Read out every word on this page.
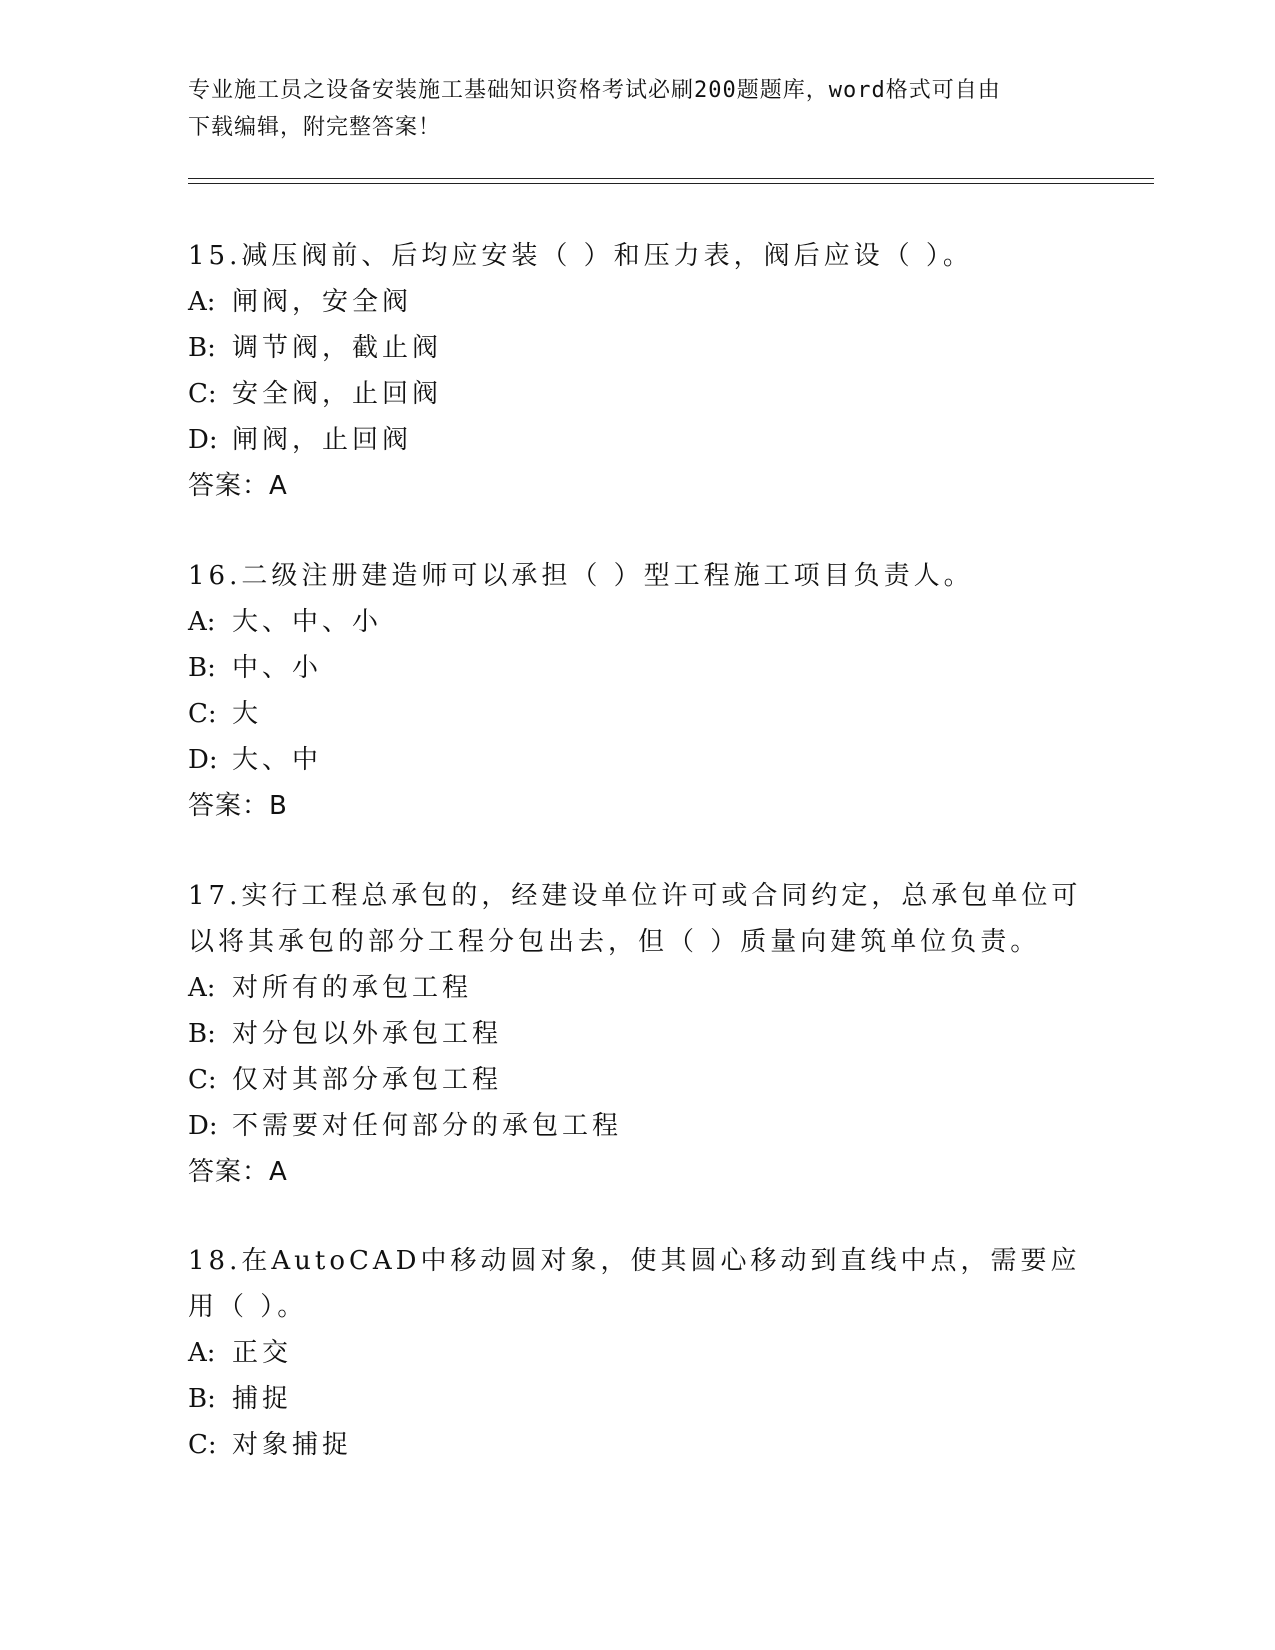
专业施工员之设备安装施工基础知识资格考试必刷200题题库，word格式可自由
下载编辑，附完整答案！

15.减压阀前、后均应安装（ ）和压力表，阀后应设（ ）。

A: 闸阀，安全阀

B: 调节阀，截止阀

C: 安全阀，止回阀

D: 闸阀，止回阀

答案：A

16.二级注册建造师可以承担（ ）型工程施工项目负责人。

A: 大、中、小

B: 中、小

C: 大

D: 大、中

答案：B

17.实行工程总承包的，经建设单位许可或合同约定，总承包单位可以将其承包的部分工程分包出去，但（ ）质量向建筑单位负责。

A: 对所有的承包工程

B: 对分包以外承包工程

C: 仅对其部分承包工程

D: 不需要对任何部分的承包工程

答案：A

18.在AutoCAD中移动圆对象，使其圆心移动到直线中点，需要应用（ ）。

A: 正交

B: 捕捉

C: 对象捕捉
